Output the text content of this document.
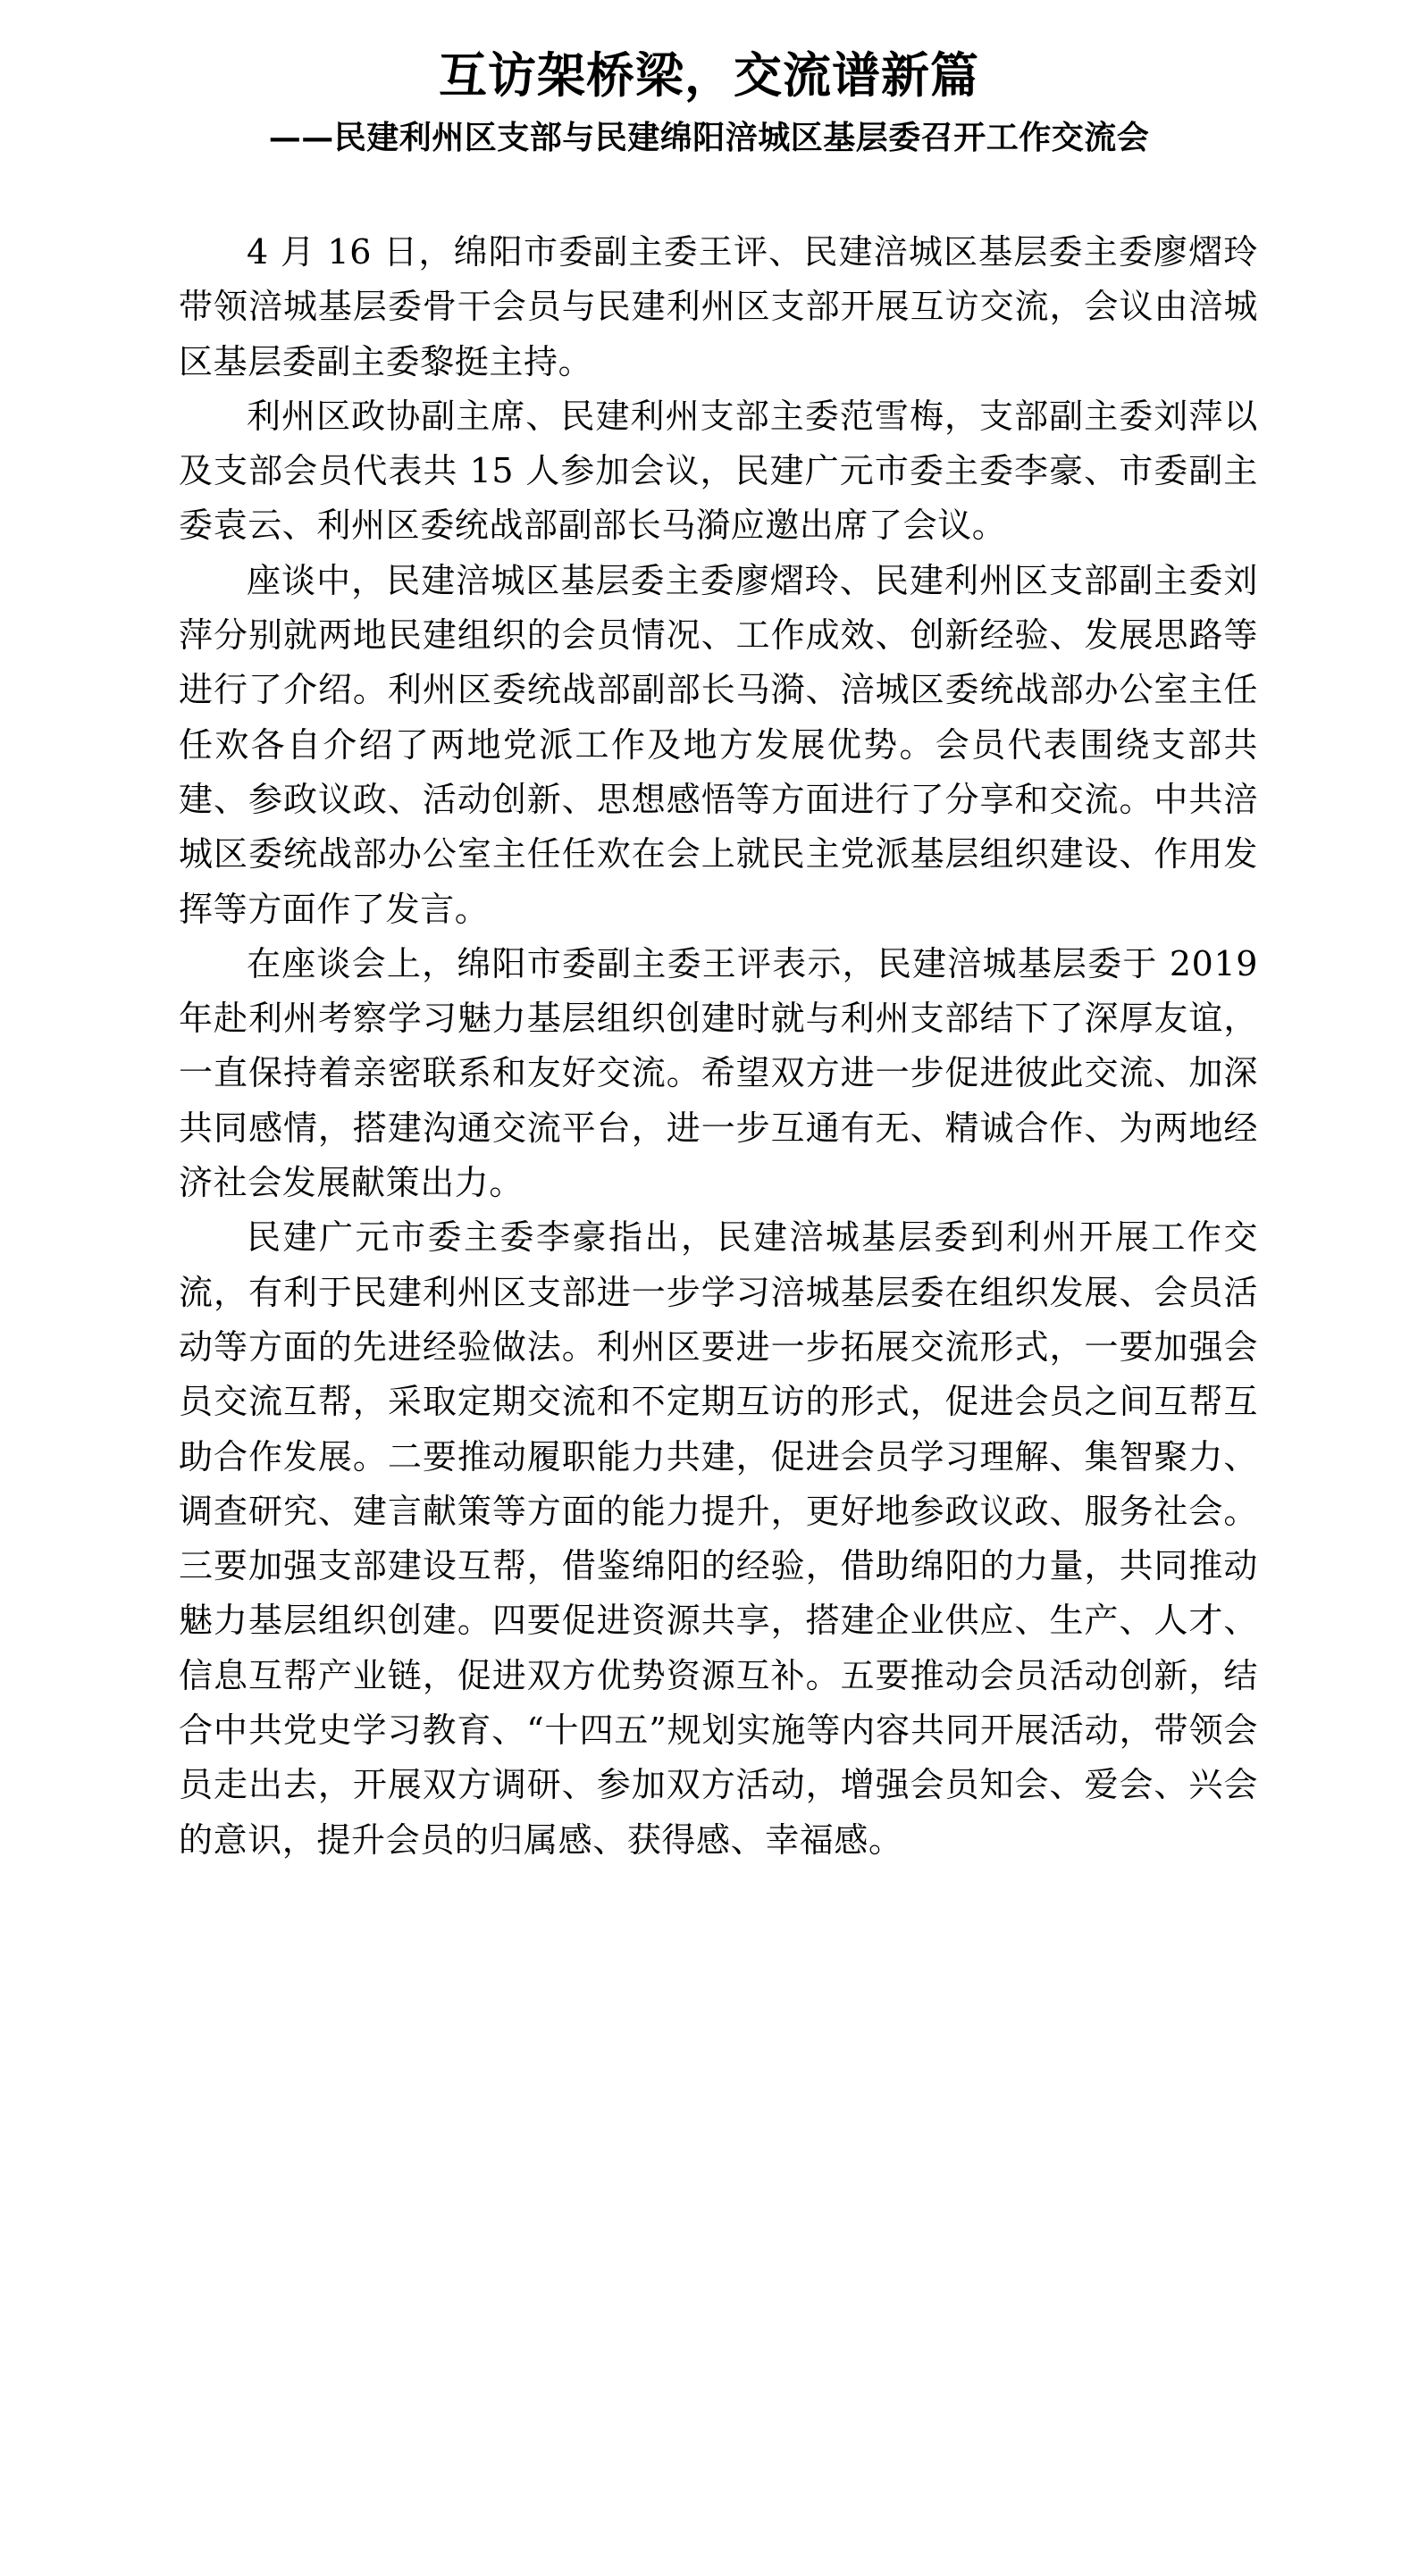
互访架桥梁，交流谱新篇
——民建利州区支部与民建绵阳涪城区基层委召开工作交流会

4 月 16 日，绵阳市委副主委王评、民建涪城区基层委主委廖熠玲带领涪城基层委骨干会员与民建利州区支部开展互访交流，会议由涪城区基层委副主委黎挺主持。

利州区政协副主席、民建利州支部主委范雪梅，支部副主委刘萍以及支部会员代表共 15 人参加会议，民建广元市委主委李豪、市委副主委袁云、利州区委统战部副部长马漪应邀出席了会议。

座谈中，民建涪城区基层委主委廖熠玲、民建利州区支部副主委刘萍分别就两地民建组织的会员情况、工作成效、创新经验、发展思路等进行了介绍。利州区委统战部副部长马漪、涪城区委统战部办公室主任任欢各自介绍了两地党派工作及地方发展优势。会员代表围绕支部共建、参政议政、活动创新、思想感悟等方面进行了分享和交流。中共涪城区委统战部办公室主任任欢在会上就民主党派基层组织建设、作用发挥等方面作了发言。

在座谈会上，绵阳市委副主委王评表示，民建涪城基层委于 2019 年赴利州考察学习魅力基层组织创建时就与利州支部结下了深厚友谊，一直保持着亲密联系和友好交流。希望双方进一步促进彼此交流、加深共同感情，搭建沟通交流平台，进一步互通有无、精诚合作、为两地经济社会发展献策出力。

民建广元市委主委李豪指出，民建涪城基层委到利州开展工作交流，有利于民建利州区支部进一步学习涪城基层委在组织发展、会员活动等方面的先进经验做法。利州区要进一步拓展交流形式，一要加强会员交流互帮，采取定期交流和不定期互访的形式，促进会员之间互帮互助合作发展。二要推动履职能力共建，促进会员学习理解、集智聚力、调查研究、建言献策等方面的能力提升，更好地参政议政、服务社会。三要加强支部建设互帮，借鉴绵阳的经验，借助绵阳的力量，共同推动魅力基层组织创建。四要促进资源共享，搭建企业供应、生产、人才、信息互帮产业链，促进双方优势资源互补。五要推动会员活动创新，结合中共党史学习教育、“十四五”规划实施等内容共同开展活动，带领会员走出去，开展双方调研、参加双方活动，增强会员知会、爱会、兴会的意识，提升会员的归属感、获得感、幸福感。
